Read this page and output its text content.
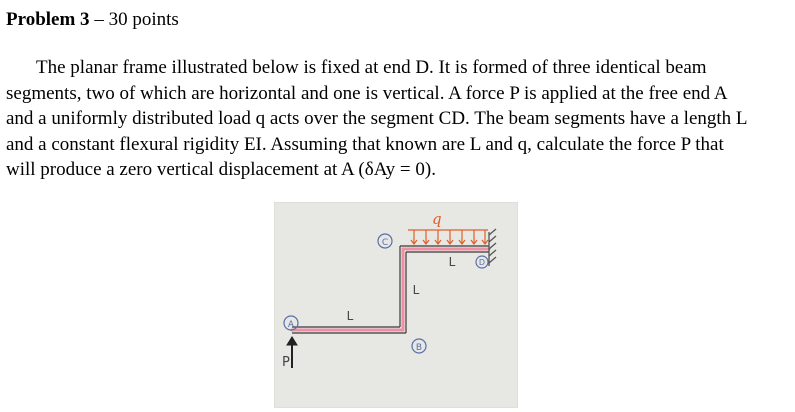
Problem 3 – 30 points
The planar frame illustrated below is fixed at end D. It is formed of three identical beam
segments, two of which are horizontal and one is vertical. A force P is applied at the free end A
and a uniformly distributed load q acts over the segment CD. The beam segments have a length L
and a constant flexural rigidity EI. Assuming that known are L and q, calculate the force P that
will produce a zero vertical displacement at A (δAy = 0).
q
A
B
C
D
L
L
L
P
